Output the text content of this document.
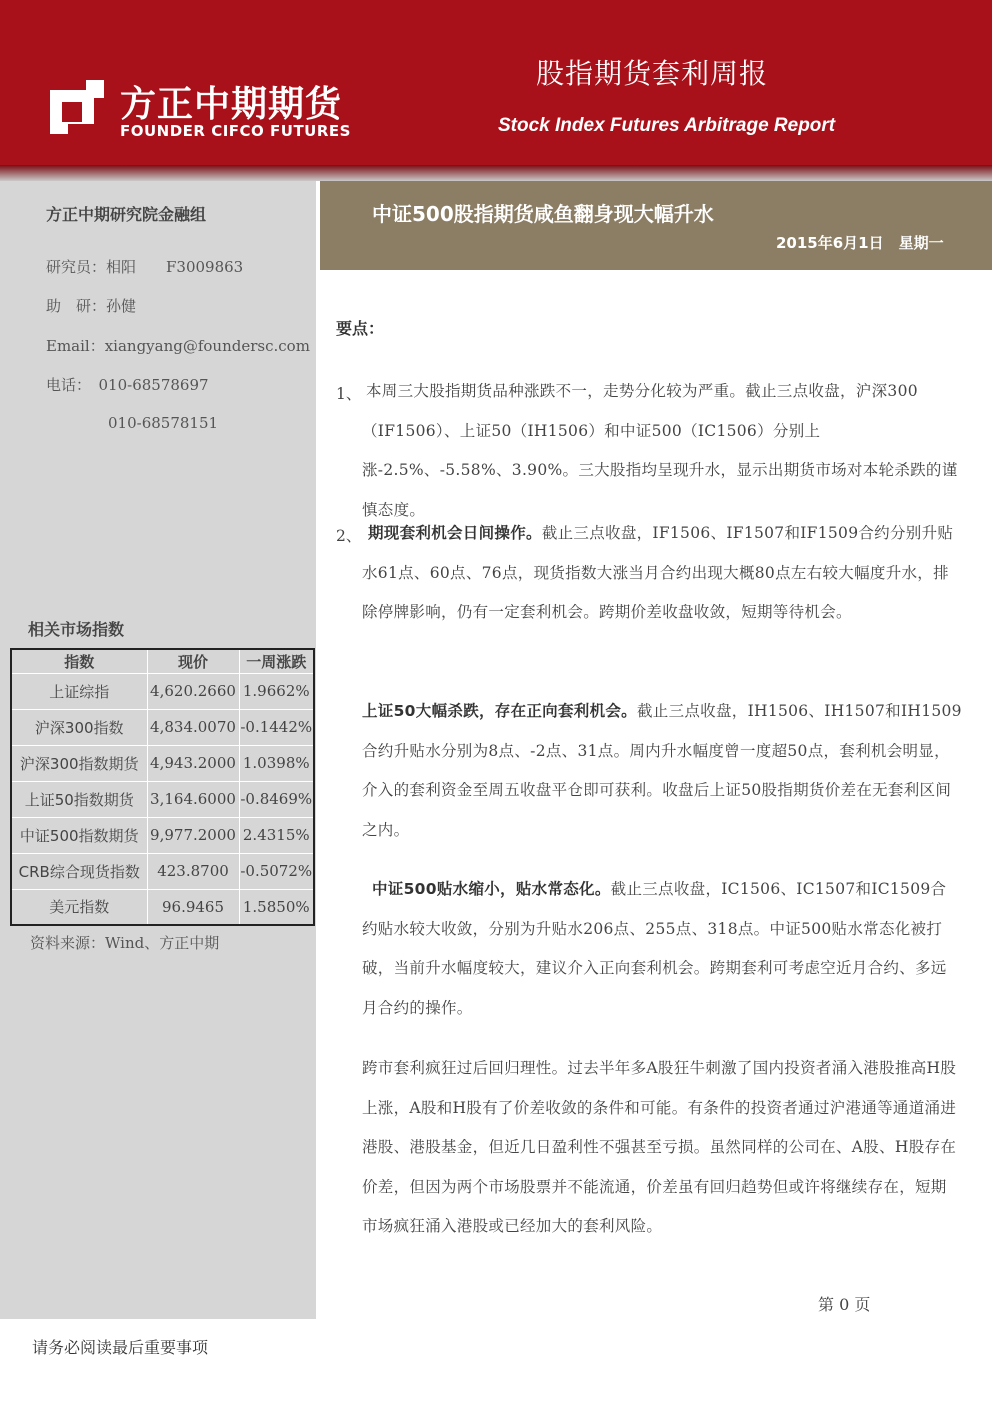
方正中期期货
FOUNDER CIFCO FUTURES
股指期货套利周报
Stock Index Futures Arbitrage Report
方正中期研究院金融组
研究员：相阳　　F3009863
助　研：孙健
Email：xiangyang@foundersc.com
电话：　010-68578697
010-68578151
相关市场指数
指数	现价	一周涨跌
上证综指	4,620.2660	1.9662%
沪深300指数	4,834.0070	-0.1442%
沪深300指数期货	4,943.2000	1.0398%
上证50指数期货	3,164.6000	-0.8469%
中证500指数期货	9,977.2000	2.4315%
CRB综合现货指数	423.8700	-0.5072%
美元指数	96.9465	1.5850%
资料来源：Wind、方正中期
中证500股指期货咸鱼翻身现大幅升水
2015年6月1日　星期一
要点：
1、 本周三大股指期货品种涨跌不一，走势分化较为严重。截止三点收盘，沪深300（IF1506）、上证50（IH1506）和中证500（IC1506）分别上涨-2.5%、-5.58%、3.90%。三大股指均呈现升水，显示出期货市场对本轮杀跌的谨慎态度。
2、 期现套利机会日间操作。截止三点收盘，IF1506、IF1507和IF1509合约分别升贴水61点、60点、76点，现货指数大涨当月合约出现大概80点左右较大幅度升水，排除停牌影响，仍有一定套利机会。跨期价差收盘收敛，短期等待机会。
上证50大幅杀跌，存在正向套利机会。截止三点收盘，IH1506、IH1507和IH1509合约升贴水分别为8点、-2点、31点。周内升水幅度曾一度超50点，套利机会明显，介入的套利资金至周五收盘平仓即可获利。收盘后上证50股指期货价差在无套利区间之内。
中证500贴水缩小，贴水常态化。截止三点收盘，IC1506、IC1507和IC1509合约贴水较大收敛，分别为升贴水206点、255点、318点。中证500贴水常态化被打破，当前升水幅度较大，建议介入正向套利机会。跨期套利可考虑空近月合约、多远月合约的操作。
跨市套利疯狂过后回归理性。过去半年多A股狂牛刺激了国内投资者涌入港股推高H股上涨，A股和H股有了价差收敛的条件和可能。有条件的投资者通过沪港通等通道涌进港股、港股基金，但近几日盈利性不强甚至亏损。虽然同样的公司在、A股、H股存在价差，但因为两个市场股票并不能流通，价差虽有回归趋势但或许将继续存在，短期市场疯狂涌入港股或已经加大的套利风险。
第 0 页
请务必阅读最后重要事项
